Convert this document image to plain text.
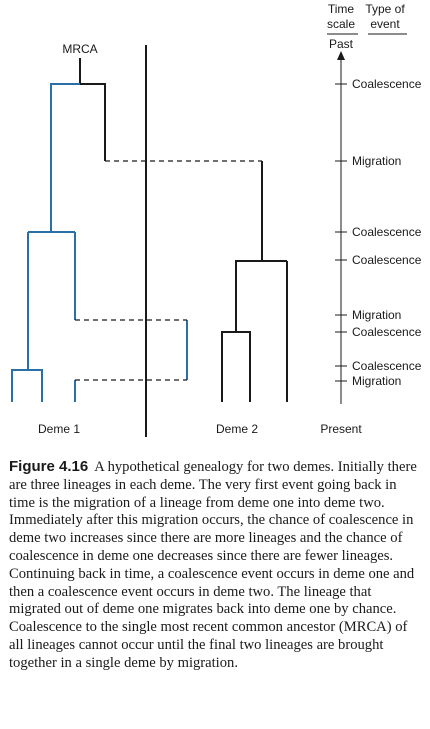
Time
scale
Type of
event
Past
Coalescence
Migration
Coalescence
Coalescence
Migration
Coalescence
Coalescence
Migration
MRCA
Deme 1	Deme 2	Present
Figure 4.16 A hypothetical genealogy for two demes. Initially there are three lineages in each deme. The very first event going back in time is the migration of a lineage from deme one into deme two. Immediately after this migration occurs, the chance of coalescence in deme two increases since there are more lineages and the chance of coalescence in deme one decreases since there are fewer lineages. Continuing back in time, a coalescence event occurs in deme one and then a coalescence event occurs in deme two. The lineage that migrated out of deme one migrates back into deme one by chance. Coalescence to the single most recent common ancestor (MRCA) of all lineages cannot occur until the final two lineages are brought together in a single deme by migration.
